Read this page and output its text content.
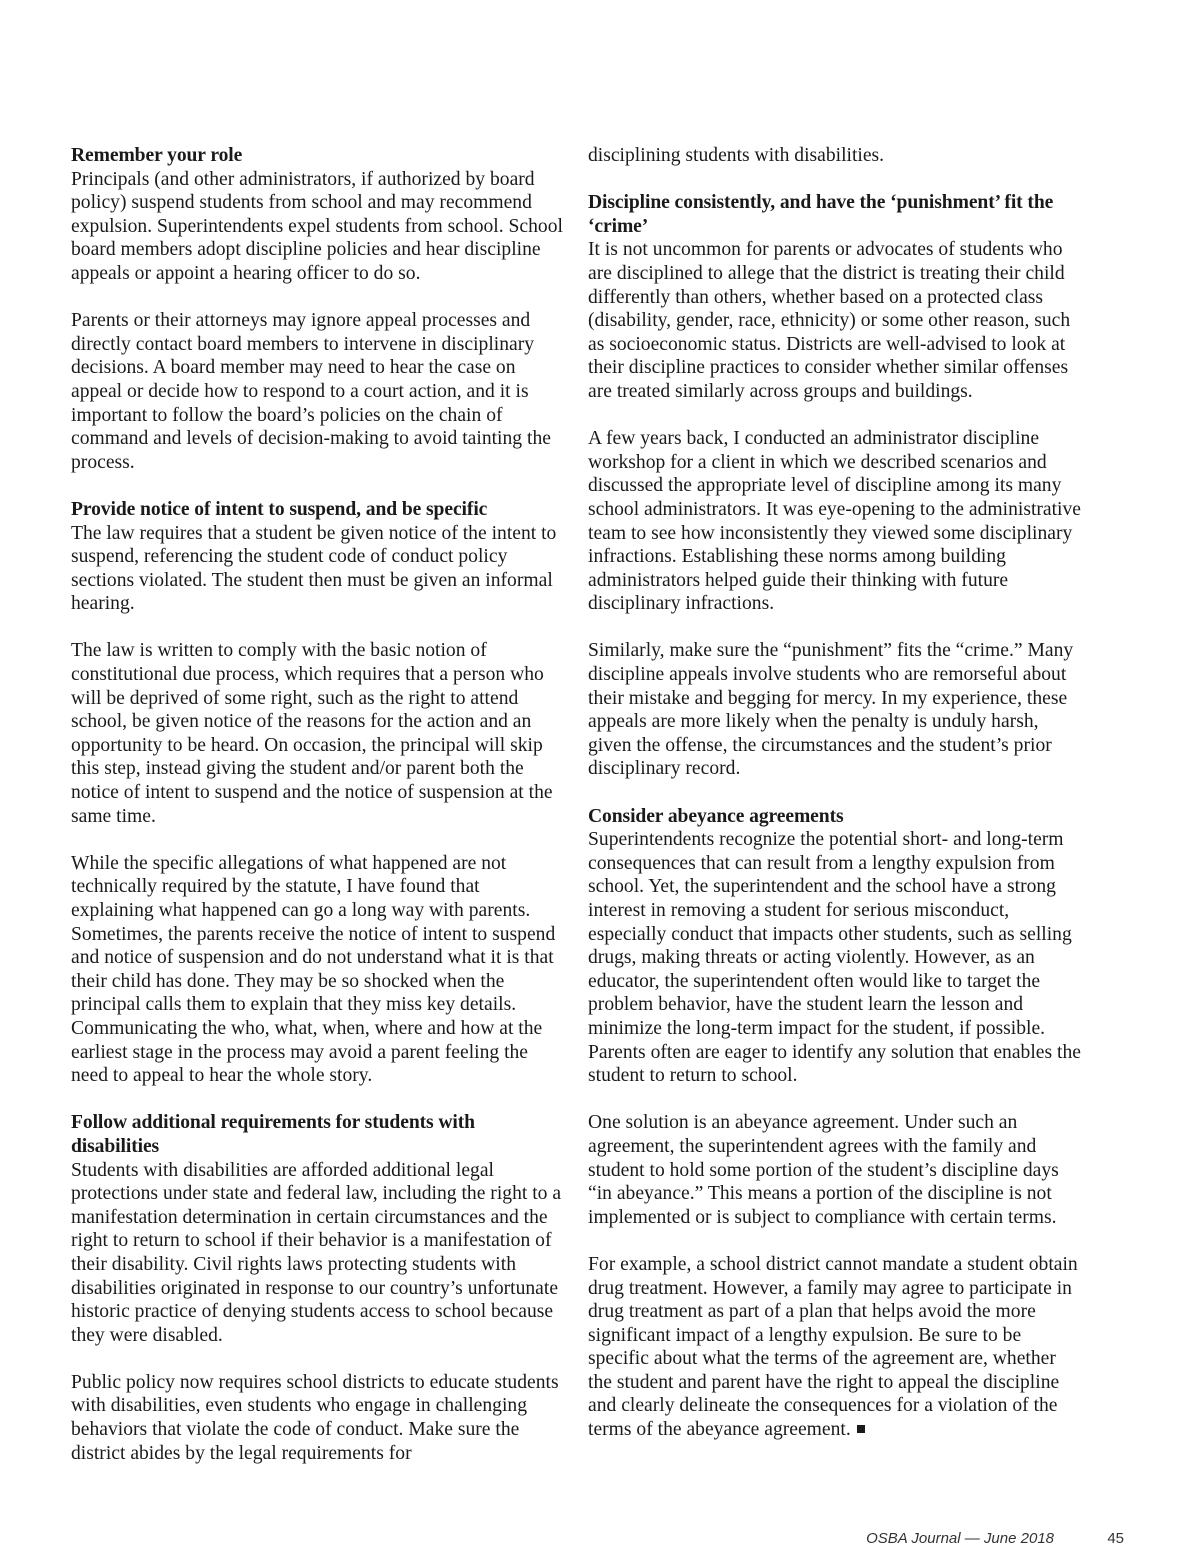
Remember your role

Principals (and other administrators, if authorized by board policy) suspend students from school and may recommend expulsion. Superintendents expel students from school. School board members adopt discipline policies and hear discipline appeals or appoint a hearing officer to do so.

Parents or their attorneys may ignore appeal processes and directly contact board members to intervene in disciplinary decisions. A board member may need to hear the case on appeal or decide how to respond to a court action, and it is important to follow the board’s policies on the chain of command and levels of decision-making to avoid tainting the process.

Provide notice of intent to suspend, and be specific

The law requires that a student be given notice of the intent to suspend, referencing the student code of conduct policy sections violated. The student then must be given an informal hearing.

The law is written to comply with the basic notion of constitutional due process, which requires that a person who will be deprived of some right, such as the right to attend school, be given notice of the reasons for the action and an opportunity to be heard. On occasion, the principal will skip this step, instead giving the student and/or parent both the notice of intent to suspend and the notice of suspension at the same time.

While the specific allegations of what happened are not technically required by the statute, I have found that explaining what happened can go a long way with parents. Sometimes, the parents receive the notice of intent to suspend and notice of suspension and do not understand what it is that their child has done. They may be so shocked when the principal calls them to explain that they miss key details. Communicating the who, what, when, where and how at the earliest stage in the process may avoid a parent feeling the need to appeal to hear the whole story.

Follow additional requirements for students with disabilities

Students with disabilities are afforded additional legal protections under state and federal law, including the right to a manifestation determination in certain circumstances and the right to return to school if their behavior is a manifestation of their disability. Civil rights laws protecting students with disabilities originated in response to our country’s unfortunate historic practice of denying students access to school because they were disabled.

Public policy now requires school districts to educate students with disabilities, even students who engage in challenging behaviors that violate the code of conduct. Make sure the district abides by the legal requirements for

disciplining students with disabilities.

Discipline consistently, and have the ‘punishment’ fit the ‘crime’

It is not uncommon for parents or advocates of students who are disciplined to allege that the district is treating their child differently than others, whether based on a protected class (disability, gender, race, ethnicity) or some other reason, such as socioeconomic status. Districts are well-advised to look at their discipline practices to consider whether similar offenses are treated similarly across groups and buildings.

A few years back, I conducted an administrator discipline workshop for a client in which we described scenarios and discussed the appropriate level of discipline among its many school administrators. It was eye-opening to the administrative team to see how inconsistently they viewed some disciplinary infractions. Establishing these norms among building administrators helped guide their thinking with future disciplinary infractions.

Similarly, make sure the “punishment” fits the “crime.” Many discipline appeals involve students who are remorseful about their mistake and begging for mercy. In my experience, these appeals are more likely when the penalty is unduly harsh, given the offense, the circumstances and the student’s prior disciplinary record.

Consider abeyance agreements

Superintendents recognize the potential short- and long-term consequences that can result from a lengthy expulsion from school. Yet, the superintendent and the school have a strong interest in removing a student for serious misconduct, especially conduct that impacts other students, such as selling drugs, making threats or acting violently. However, as an educator, the superintendent often would like to target the problem behavior, have the student learn the lesson and minimize the long-term impact for the student, if possible. Parents often are eager to identify any solution that enables the student to return to school.

One solution is an abeyance agreement. Under such an agreement, the superintendent agrees with the family and student to hold some portion of the student’s discipline days “in abeyance.” This means a portion of the discipline is not implemented or is subject to compliance with certain terms.

For example, a school district cannot mandate a student obtain drug treatment. However, a family may agree to participate in drug treatment as part of a plan that helps avoid the more significant impact of a lengthy expulsion. Be sure to be specific about what the terms of the agreement are, whether the student and parent have the right to appeal the discipline and clearly delineate the consequences for a violation of the terms of the abeyance agreement.

OSBA Journal — June 2018	45
